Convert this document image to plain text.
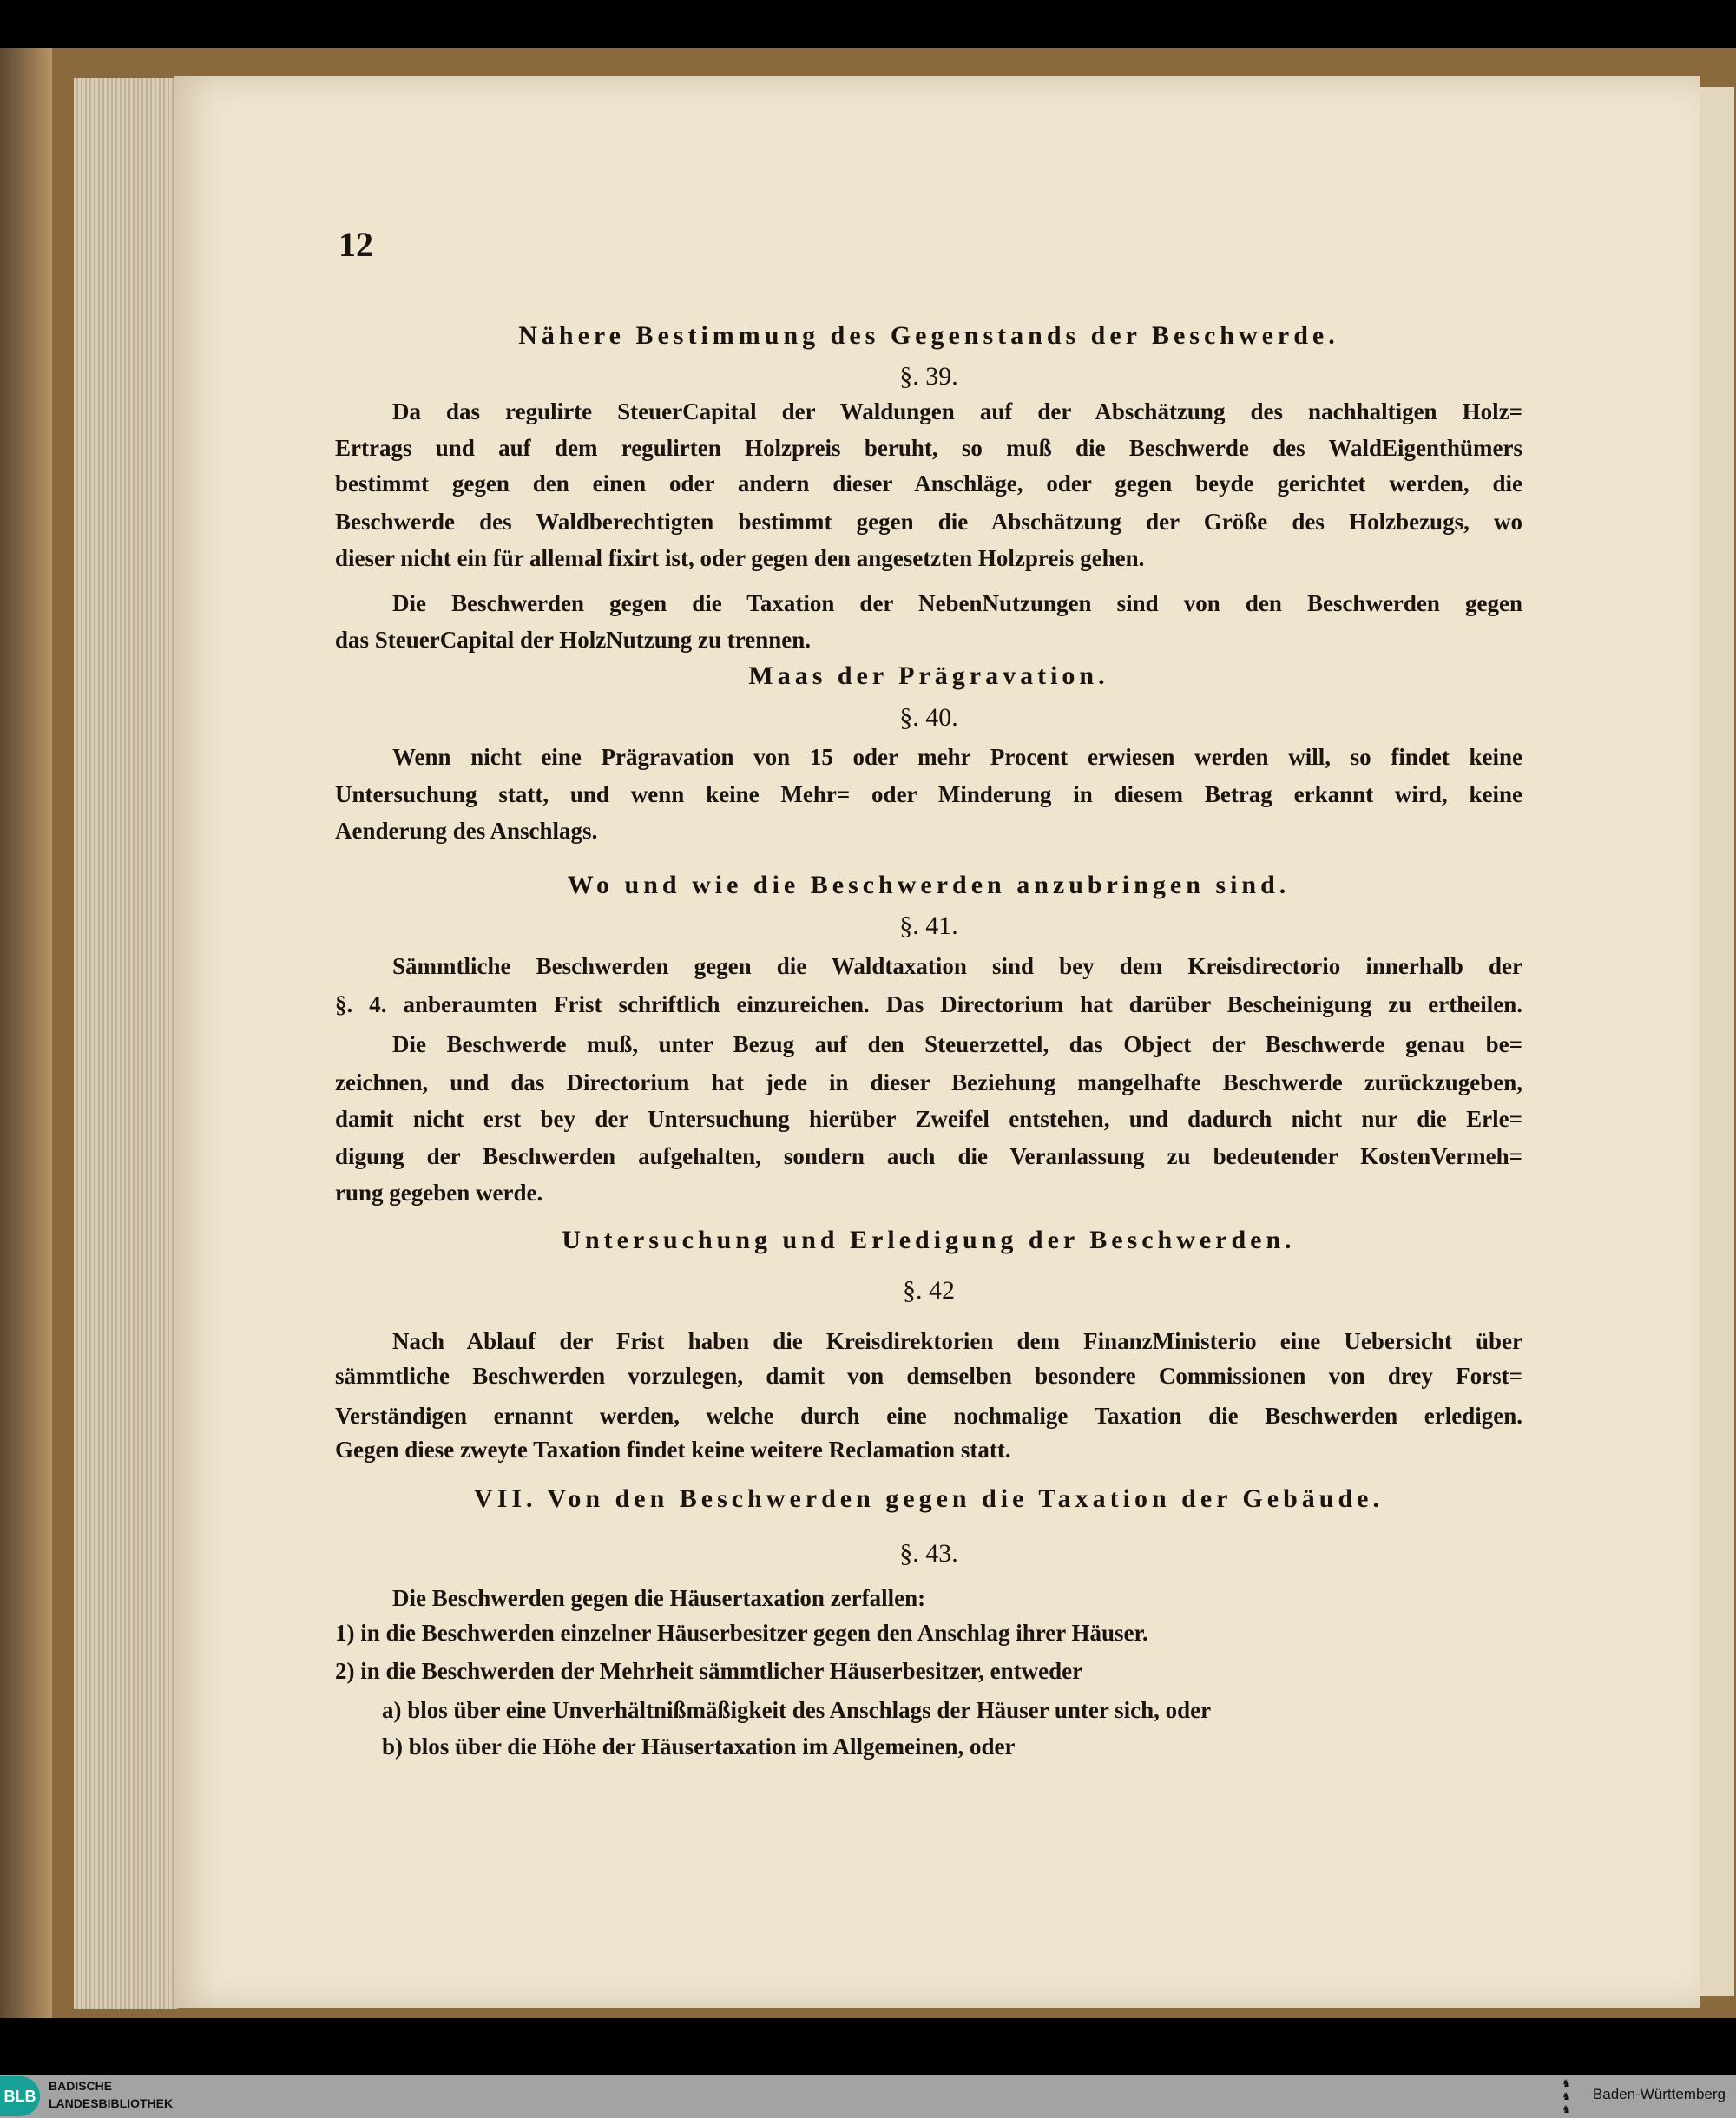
12
Nähere Bestimmung des Gegenstands der Beschwerde.
§. 39.
Da das regulirte SteuerCapital der Waldungen auf der Abschätzung des nachhaltigen Holz=
Ertrags und auf dem regulirten Holzpreis beruht, so muß die Beschwerde des WaldEigenthümers
bestimmt gegen den einen oder andern dieser Anschläge, oder gegen beyde gerichtet werden, die
Beschwerde des Waldberechtigten bestimmt gegen die Abschätzung der Größe des Holzbezugs, wo
dieser nicht ein für allemal fixirt ist, oder gegen den angesetzten Holzpreis gehen.
Die Beschwerden gegen die Taxation der NebenNutzungen sind von den Beschwerden gegen
das SteuerCapital der HolzNutzung zu trennen.
Maas der Prägravation.
§. 40.
Wenn nicht eine Prägravation von 15 oder mehr Procent erwiesen werden will, so findet keine
Untersuchung statt, und wenn keine Mehr= oder Minderung in diesem Betrag erkannt wird, keine
Aenderung des Anschlags.
Wo und wie die Beschwerden anzubringen sind.
§. 41.
Sämmtliche Beschwerden gegen die Waldtaxation sind bey dem Kreisdirectorio innerhalb der
§. 4. anberaumten Frist schriftlich einzureichen. Das Directorium hat darüber Bescheinigung zu ertheilen.
Die Beschwerde muß, unter Bezug auf den Steuerzettel, das Object der Beschwerde genau be=
zeichnen, und das Directorium hat jede in dieser Beziehung mangelhafte Beschwerde zurückzugeben,
damit nicht erst bey der Untersuchung hierüber Zweifel entstehen, und dadurch nicht nur die Erle=
digung der Beschwerden aufgehalten, sondern auch die Veranlassung zu bedeutender KostenVermeh=
rung gegeben werde.
Untersuchung und Erledigung der Beschwerden.
§. 42
Nach Ablauf der Frist haben die Kreisdirektorien dem FinanzMinisterio eine Uebersicht über
sämmtliche Beschwerden vorzulegen, damit von demselben besondere Commissionen von drey Forst=
Verständigen ernannt werden, welche durch eine nochmalige Taxation die Beschwerden erledigen.
Gegen diese zweyte Taxation findet keine weitere Reclamation statt.
VII. Von den Beschwerden gegen die Taxation der Gebäude.
§. 43.
Die Beschwerden gegen die Häusertaxation zerfallen:
1) in die Beschwerden einzelner Häuserbesitzer gegen den Anschlag ihrer Häuser.
2) in die Beschwerden der Mehrheit sämmtlicher Häuserbesitzer, entweder
a) blos über eine Unverhältnißmäßigkeit des Anschlags der Häuser unter sich, oder
b) blos über die Höhe der Häusertaxation im Allgemeinen, oder
BLB
BADISCHE
LANDESBIBLIOTHEK
♞
♞
♞
Baden-Württemberg
